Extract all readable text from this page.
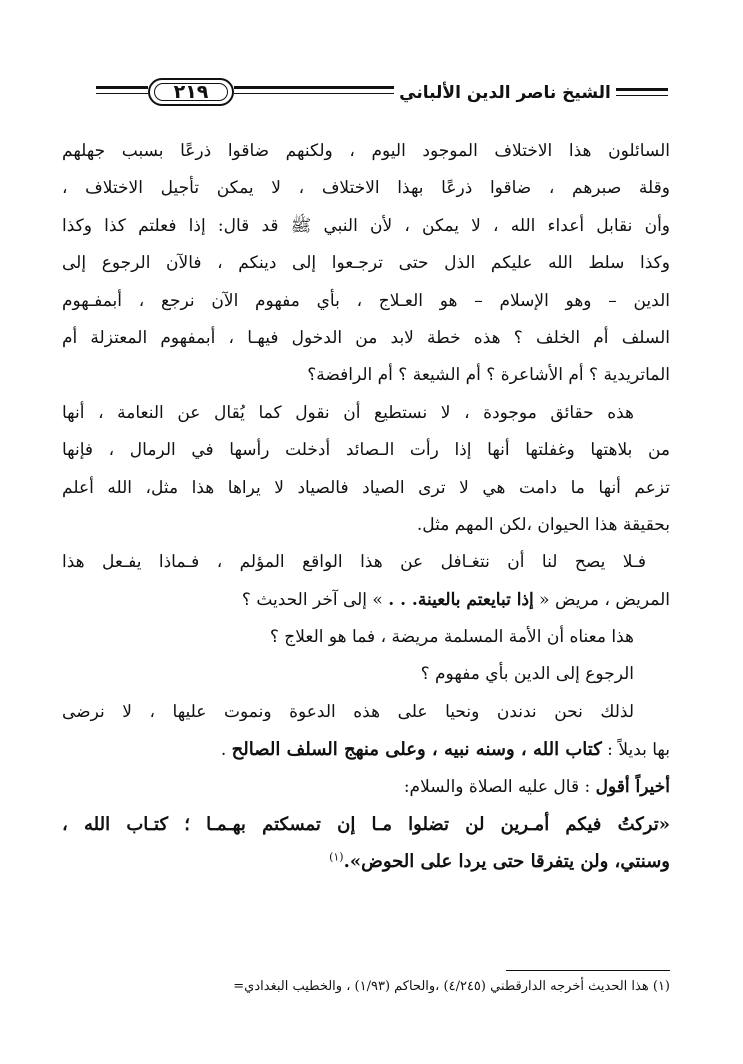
٢١٩	الشيخ ناصر الدين الألباني
السائلون هذا الاختلاف الموجود اليوم ، ولكنهم ضاقوا ذرعًا بسبب جهلهم
وقلة صبرهم ، ضاقوا ذرعًا بهذا الاختلاف ، لا يمكن تأجيل الاختلاف ،
وأن نقابل أعداء الله ، لا يمكن ، لأن النبي ﷺ قد قال: إذا فعلتم كذا وكذا
وكذا سلط الله عليكم الذل حتى ترجـعوا إلى دينكم ، فالآن الرجوع إلى
الدين – وهو الإسلام – هو العـلاج ، بأي مفهوم الآن نرجع ، أبمفـهوم
السلف أم الخلف ؟ هذه خطة لابد من الدخول فيهـا ، أبمفهوم المعتزلة أم
الماتريدية ؟ أم الأشاعرة ؟ أم الشيعة ؟ أم الرافضة؟
هذه حقائق موجودة ، لا نستطيع أن نقول كما يُقال عن النعامة ، أنها
من بلاهتها وغفلتها أنها إذا رأت الـصائد أدخلت رأسها في الرمال ، فإنها
تزعم أنها ما دامت هي لا ترى الصياد فالصياد لا يراها هذا مثل، الله أعلم
بحقيقة هذا الحيوان ،لكن المهم مثل.
فـلا يصح لنا أن نتغـافل عن هذا الواقع المؤلم ، فـماذا يفـعل هذا
المريض ، مريض « إذا تبايعتم بالعينة. . . » إلى آخر الحديث ؟
هذا معناه أن الأمة المسلمة مريضة ، فما هو العلاج ؟
الرجوع إلى الدين بأي مفهوم ؟
لذلك نحن ندندن ونحيا على هذه الدعوة ونموت عليها ، لا نرضى
بها بديلاً : كتاب الله ، وسنه نبيه ، وعلى منهج السلف الصالح .
أخيراً أقول : قال عليه الصلاة والسلام:
«تركتُ فيكم أمـرين لن تضلوا مـا إن تمسكتم بهـمـا ؛ كتـاب الله ،
وسنتي، ولن يتفرقا حتى يردا على الحوض».$^{(١)}$
(١) هذا الحديث أخرجه الدارقطني (٤/٢٤٥) ،والحاكم (١/٩٣) ، والخطيب البغدادي=
